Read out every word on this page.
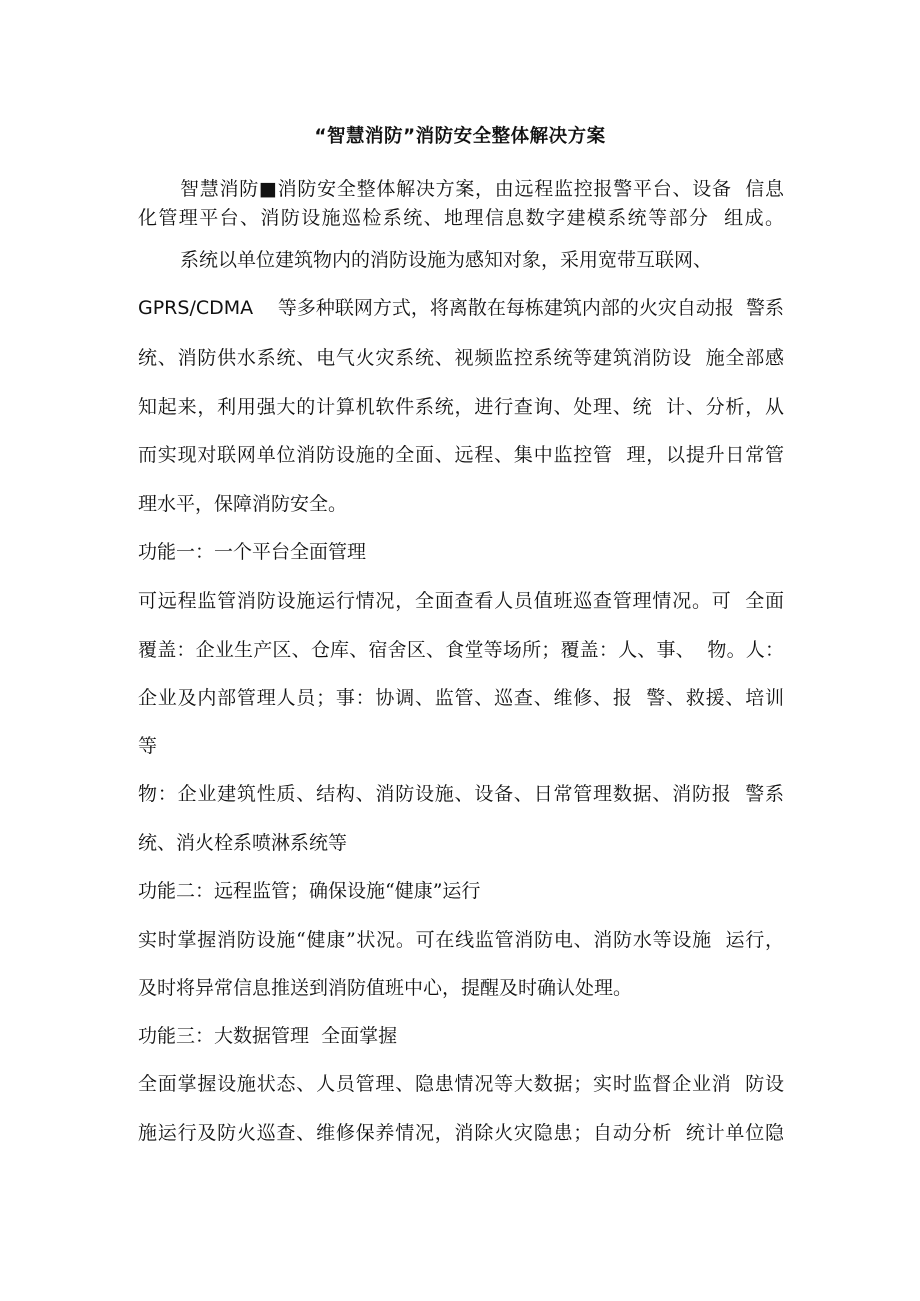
“智慧消防”消防安全整体解决方案
智慧消防■消防安全整体解决方案，由远程监控报警平台、设备  信息
化管理平台、消防设施巡检系统、地理信息数字建模系统等部分  组成。
系统以单位建筑物内的消防设施为感知对象，采用宽带互联网、
GPRS/CDMA 等多种联网方式，将离散在每栋建筑内部的火灾自动报  警系
统、消防供水系统、电气火灾系统、视频监控系统等建筑消防设  施全部感
知起来，利用强大的计算机软件系统，进行查询、处理、统  计、分析，从
而实现对联网单位消防设施的全面、远程、集中监控管  理，以提升日常管
理水平，保障消防安全。
功能一：一个平台全面管理
可远程监管消防设施运行情况，全面查看人员值班巡查管理情况。可  全面
覆盖：企业生产区、仓库、宿舍区、食堂等场所；覆盖：人、事、  物。人：
企业及内部管理人员；事：协调、监管、巡查、维修、报  警、救援、培训
等
物：企业建筑性质、结构、消防设施、设备、日常管理数据、消防报  警系
统、消火栓系喷淋系统等
功能二：远程监管；确保设施“健康”运行
实时掌握消防设施“健康”状况。可在线监管消防电、消防水等设施  运行，
及时将异常信息推送到消防值班中心，提醒及时确认处理。
功能三：大数据管理  全面掌握
全面掌握设施状态、人员管理、隐患情况等大数据；实时监督企业消  防设
施运行及防火巡查、维修保养情况，消除火灾隐患；自动分析  统计单位隐
